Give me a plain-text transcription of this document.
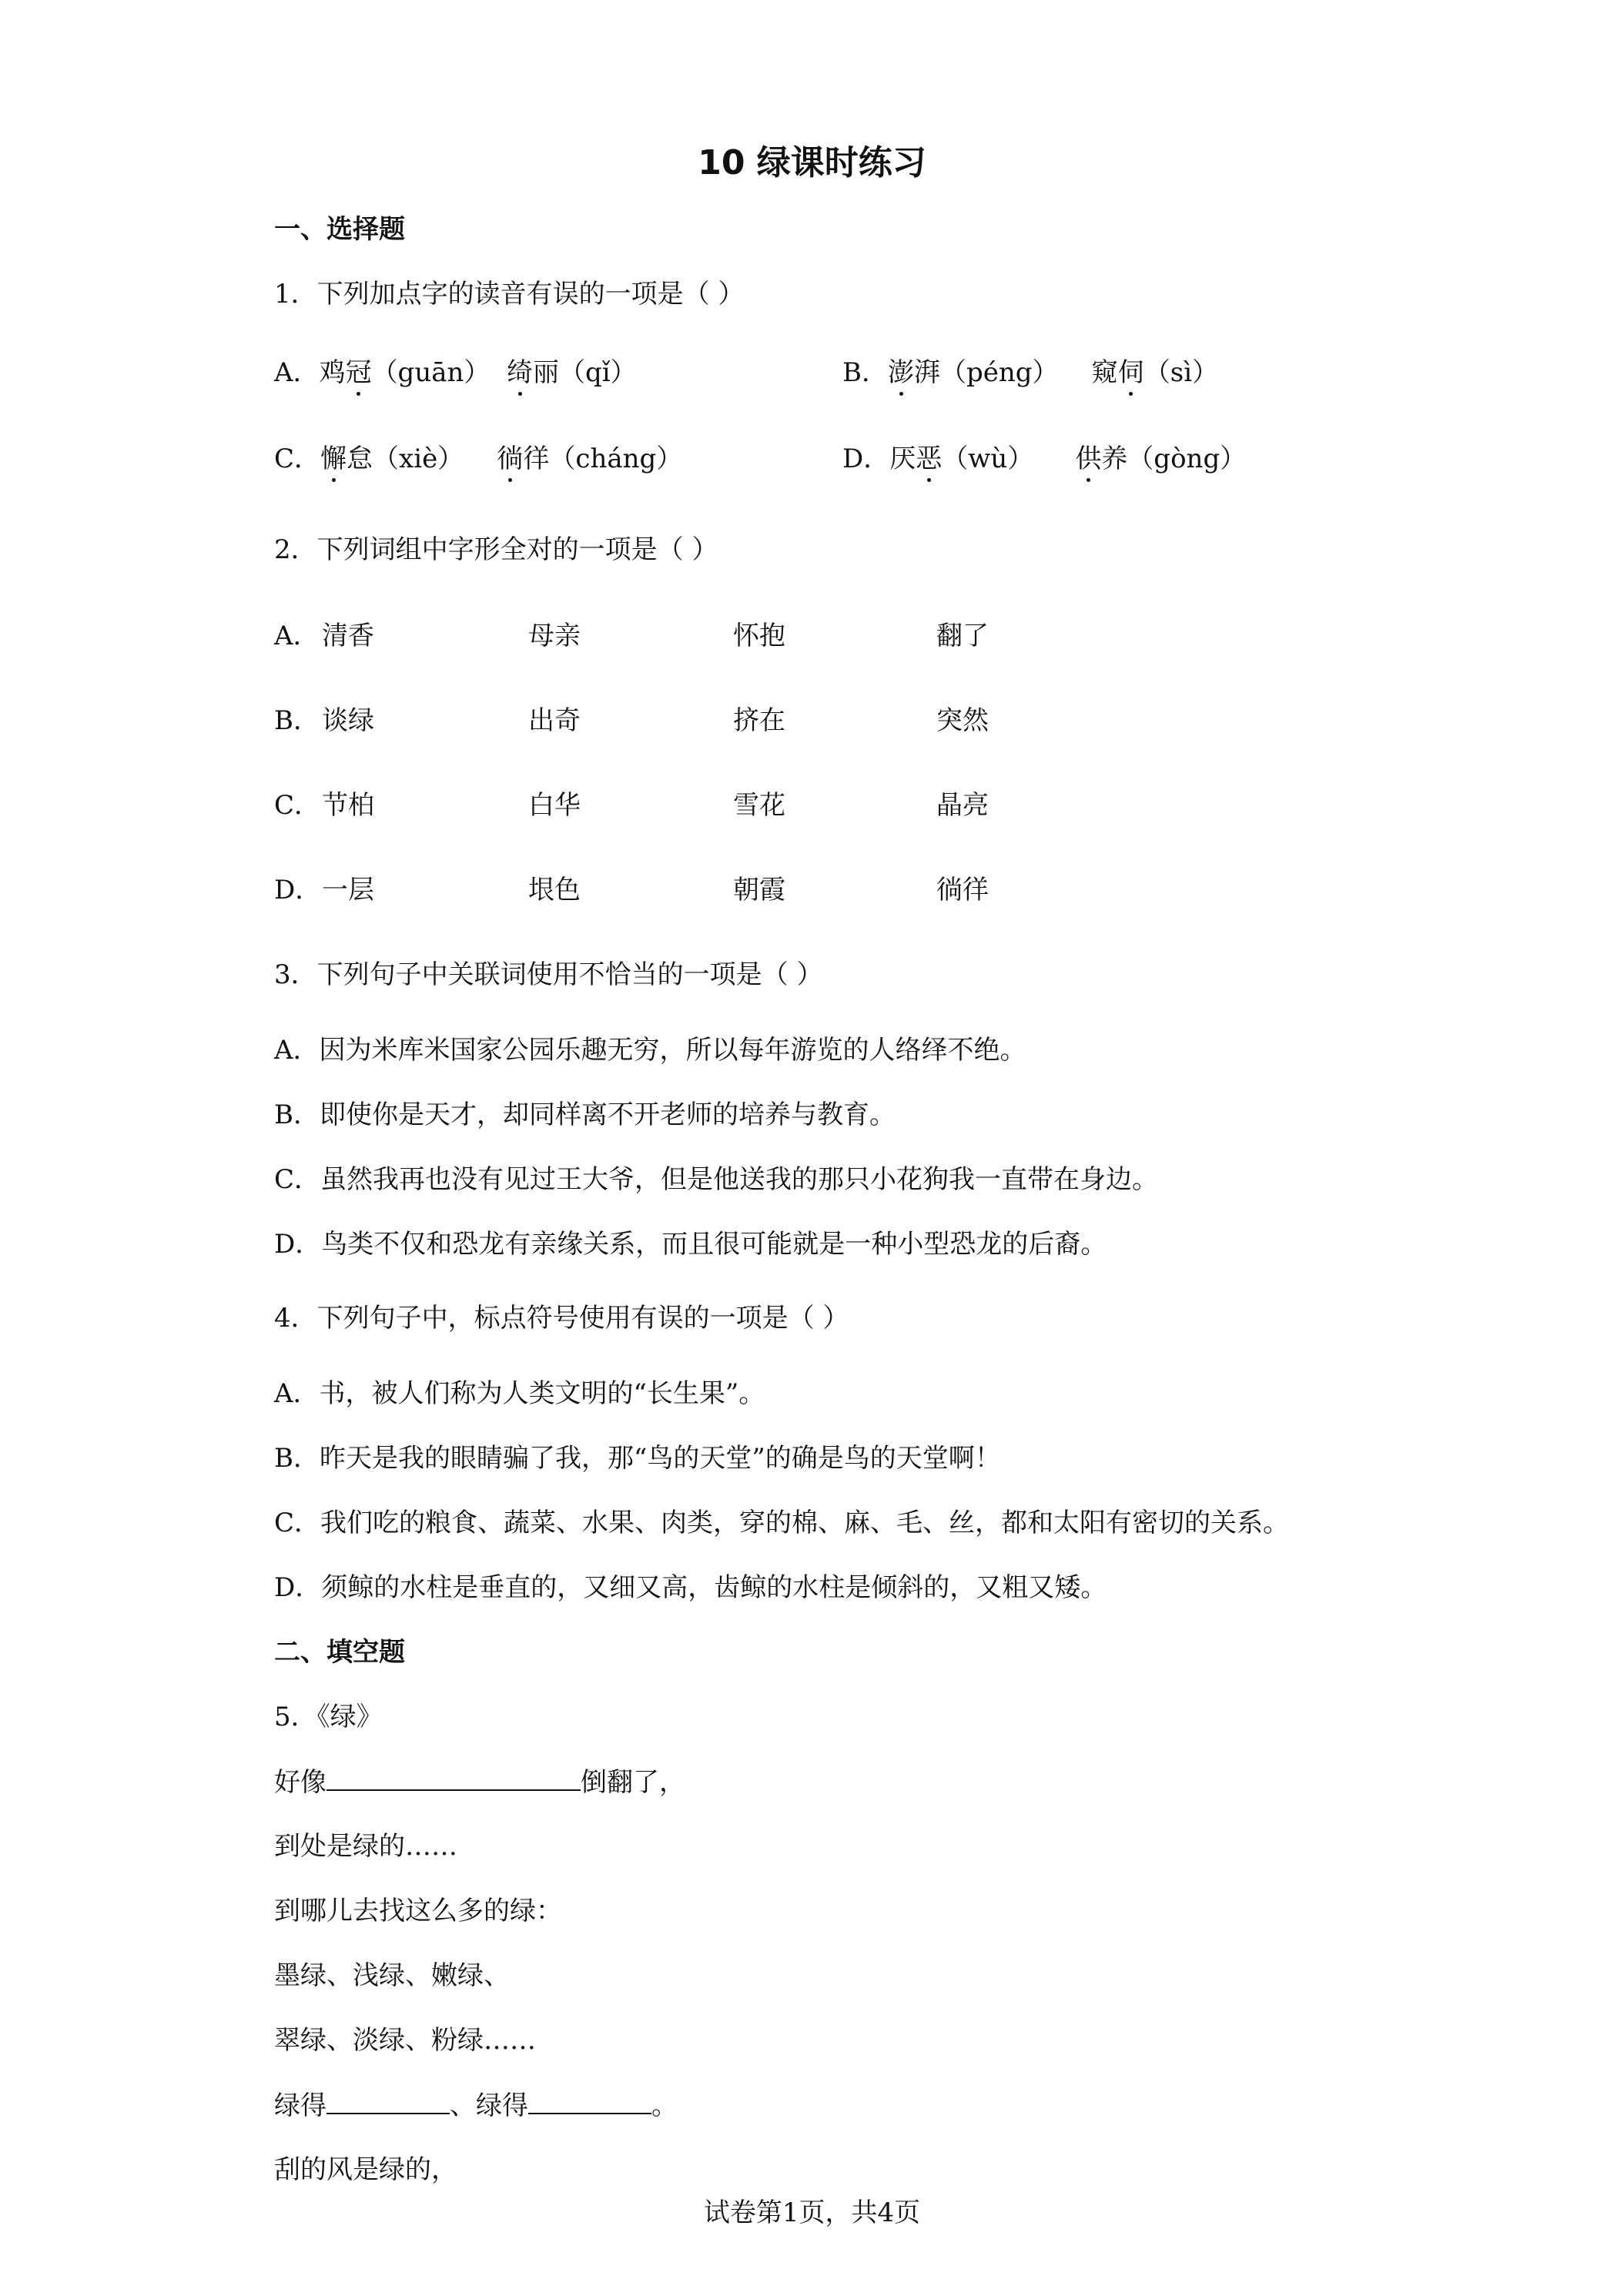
10 绿课时练习
一、选择题
1．下列加点字的读音有误的一项是（ ）
A．鸡冠（guān） 绮丽（qǐ）	B．澎湃（péng） 窥伺（sì）
C．懈怠（xiè） 徜徉（cháng）	D．厌恶（wù） 供养（gòng）
2．下列词组中字形全对的一项是（ ）
A． 清香	母亲	怀抱	翻了
B． 谈绿	出奇	挤在	突然
C． 节柏	白华	雪花	晶亮
D． 一层	垠色	朝霞	徜徉
3．下列句子中关联词使用不恰当的一项是（ ）
A．因为米库米国家公园乐趣无穷，所以每年游览的人络绎不绝。
B．即使你是天才，却同样离不开老师的培养与教育。
C．虽然我再也没有见过王大爷，但是他送我的那只小花狗我一直带在身边。
D．鸟类不仅和恐龙有亲缘关系，而且很可能就是一种小型恐龙的后裔。
4．下列句子中，标点符号使用有误的一项是（ ）
A．书，被人们称为人类文明的“长生果”。
B．昨天是我的眼睛骗了我，那“鸟的天堂”的确是鸟的天堂啊！
C．我们吃的粮食、蔬菜、水果、肉类，穿的棉、麻、毛、丝，都和太阳有密切的关系。
D．须鲸的水柱是垂直的，又细又高，齿鲸的水柱是倾斜的，又粗又矮。
二、填空题
5．《绿》
好像	倒翻了，
到处是绿的……
到哪儿去找这么多的绿：
墨绿、浅绿、嫩绿、
翠绿、淡绿、粉绿……
绿得	、绿得	。
刮的风是绿的，
试卷第1页，共4页
